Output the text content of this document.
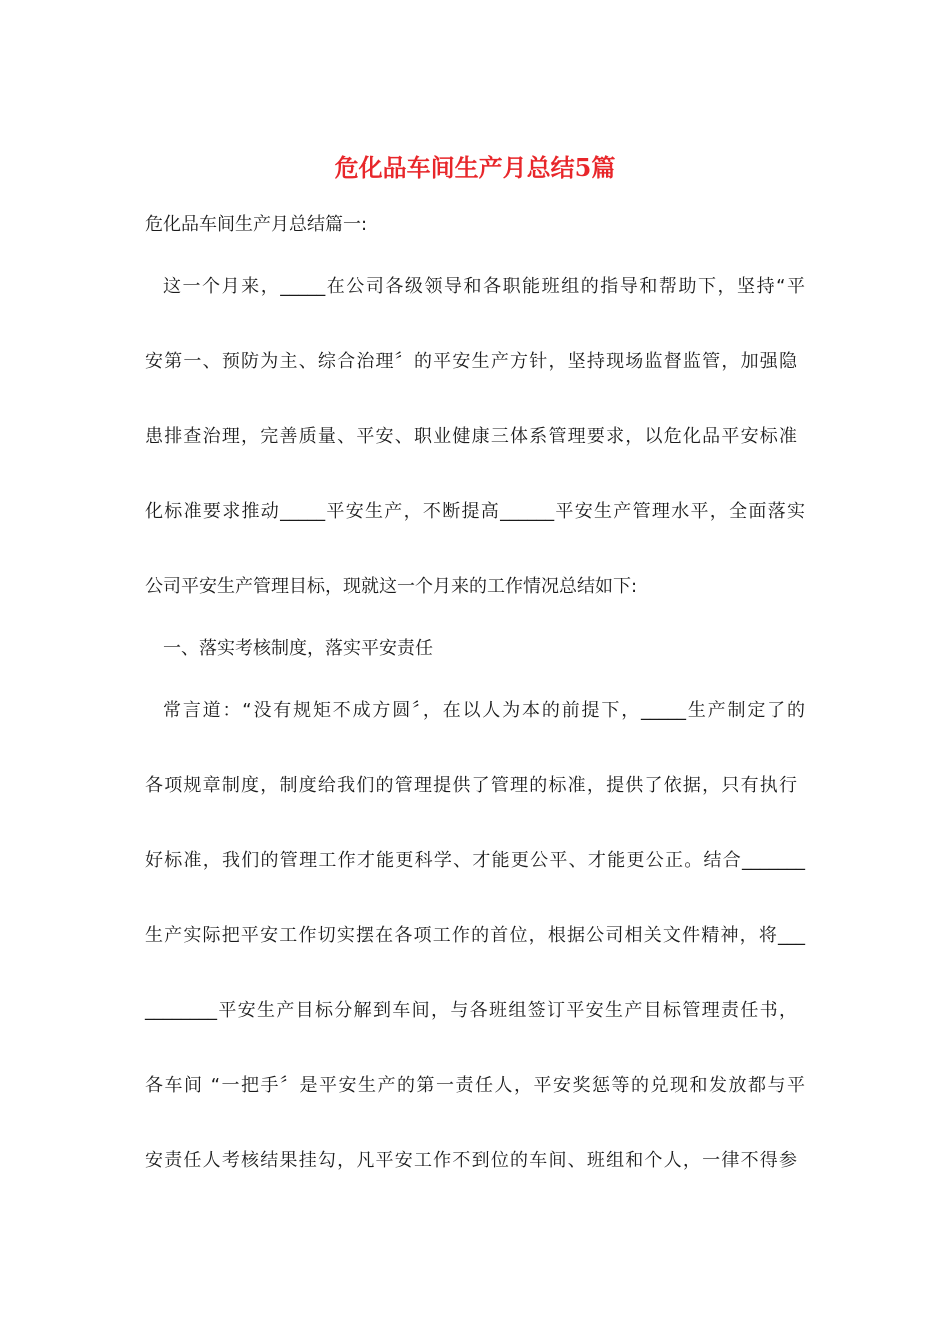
危化品车间生产月总结5篇
危化品车间生产月总结篇一:
这一个月来，_____在公司各级领导和各职能班组的指导和帮助下，坚持“平
安第一、预防为主、综合治理〞的平安生产方针，坚持现场监督监管，加强隐
患排查治理，完善质量、平安、职业健康三体系管理要求，以危化品平安标准
化标准要求推动_____平安生产，不断提高______平安生产管理水平，全面落实
公司平安生产管理目标，现就这一个月来的工作情况总结如下:
一、落实考核制度，落实平安责任
常言道：“没有规矩不成方圆〞，在以人为本的前提下，_____生产制定了的
各项规章制度，制度给我们的管理提供了管理的标准，提供了依据，只有执行
好标准，我们的管理工作才能更科学、才能更公平、才能更公正。结合_______
生产实际把平安工作切实摆在各项工作的首位，根据公司相关文件精神，将___
________平安生产目标分解到车间，与各班组签订平安生产目标管理责任书，
各车间 “一把手〞是平安生产的第一责任人，平安奖惩等的兑现和发放都与平
安责任人考核结果挂勾，凡平安工作不到位的车间、班组和个人，一律不得参
